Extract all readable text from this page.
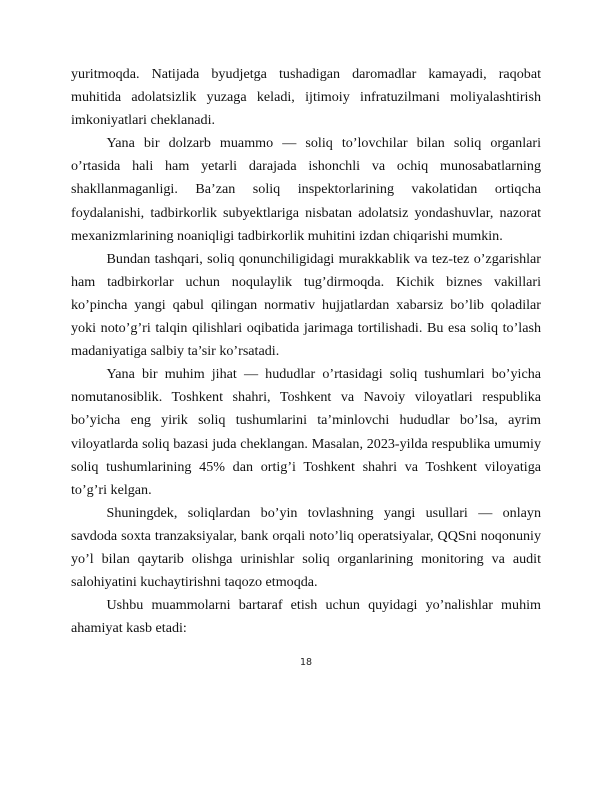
yuritmoqda. Natijada byudjetga tushadigan daromadlar kamayadi, raqobat muhitida adolatsizlik yuzaga keladi, ijtimoiy infratuzilmani moliyalashtirish imkoniyatlari cheklanadi.

Yana bir dolzarb muammo — soliq to’lovchilar bilan soliq organlari o’rtasida hali ham yetarli darajada ishonchli va ochiq munosabatlarning shakllanmaganligi. Ba’zan soliq inspektorlarining vakolatidan ortiqcha foydalanishi, tadbirkorlik subyektlariga nisbatan adolatsiz yondashuvlar, nazorat mexanizmlarining noaniqligi tadbirkorlik muhitini izdan chiqarishi mumkin.

Bundan tashqari, soliq qonunchiligidagi murakkablik va tez-tez o’zgarishlar ham tadbirkorlar uchun noqulaylik tug’dirmoqda. Kichik biznes vakillari ko’pincha yangi qabul qilingan normativ hujjatlardan xabarsiz bo’lib qoladilar yoki noto’g’ri talqin qilishlari oqibatida jarimaga tortilishadi. Bu esa soliq to’lash madaniyatiga salbiy ta’sir ko’rsatadi.

Yana bir muhim jihat — hududlar o’rtasidagi soliq tushumlari bo’yicha nomutanosiblik. Toshkent shahri, Toshkent va Navoiy viloyatlari respublika bo’yicha eng yirik soliq tushumlarini ta’minlovchi hududlar bo’lsa, ayrim viloyatlarda soliq bazasi juda cheklangan. Masalan, 2023-yilda respublika umumiy soliq tushumlarining 45% dan ortig’i Toshkent shahri va Toshkent viloyatiga to’g’ri kelgan.

Shuningdek, soliqlardan bo’yin tovlashning yangi usullari — onlayn savdoda soxta tranzaksiyalar, bank orqali noto’liq operatsiyalar, QQSni noqonuniy yo’l bilan qaytarib olishga urinishlar soliq organlarining monitoring va audit salohiyatini kuchaytirishni taqozo etmoqda.

Ushbu muammolarni bartaraf etish uchun quyidagi yo’nalishlar muhim ahamiyat kasb etadi:

18
